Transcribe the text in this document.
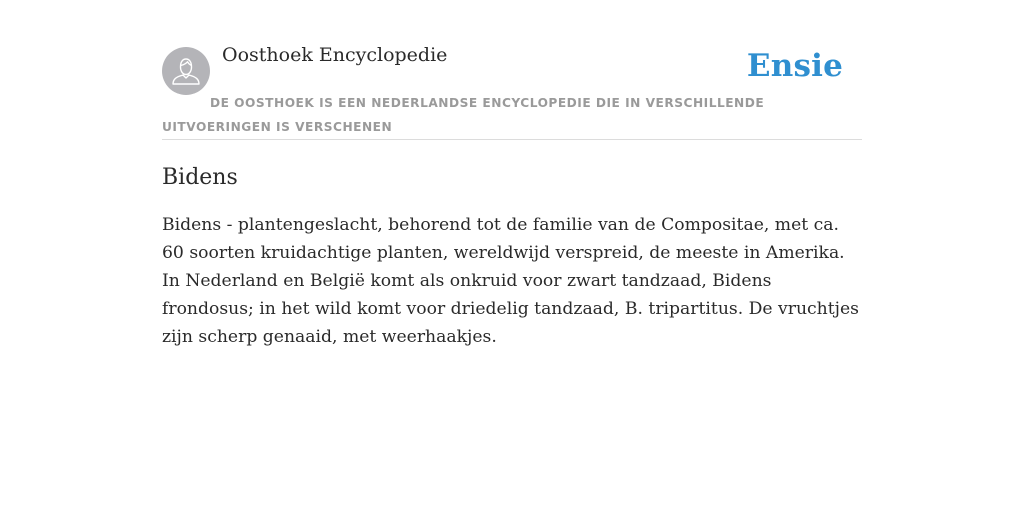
Oosthoek Encyclopedie	Ensie
DE OOSTHOEK IS EEN NEDERLANDSE ENCYCLOPEDIE DIE IN VERSCHILLENDE UITVOERINGEN IS VERSCHENEN
Bidens

Bidens - plantengeslacht, behorend tot de familie van de Compositae, met ca. 60 soorten kruidachtige planten, wereldwijd verspreid, de meeste in Amerika. In Nederland en België komt als onkruid voor zwart tandzaad, Bidens frondosus; in het wild komt voor driedelig tandzaad, B. tripartitus. De vruchtjes zijn scherp genaaid, met weerhaakjes.
